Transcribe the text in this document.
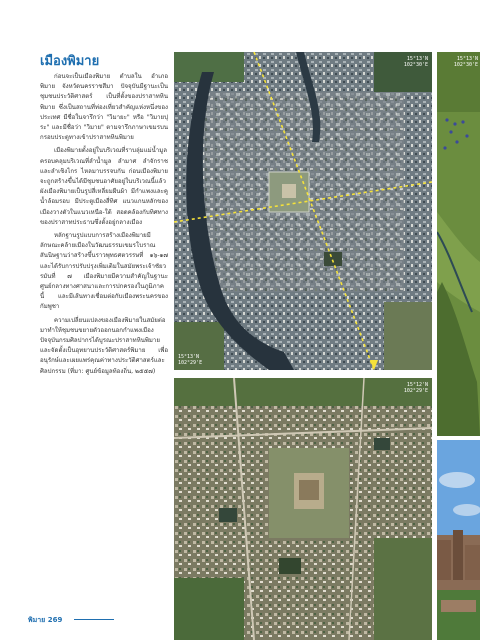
เมืองพิมาย

ก่อนจะเป็นเมืองพิมาย ตำบลใน อำเภอพิมาย จังหวัดนครราชสีมา ปัจจุบันมีฐานะเป็นชุมชนประวัติศาสตร์ เป็นที่ตั้งของปราสาทหินพิมาย ซึ่งเป็นสถานที่ท่องเที่ยวสำคัญแห่งหนึ่งของประเทศ มีชื่อในจารึกว่า "วิมายะ" หรือ "วิมายปุระ" และมีชื่อว่า "วิมาย" ตามจารึกภาษาเขมรบนกรอบประตูทางเข้าปราสาทหินพิมาย

เมืองพิมายตั้งอยู่ในบริเวณที่ราบลุ่มแม่น้ำมูล ครอบคลุมบริเวณที่ลำน้ำมูล ลำมาศ ลำจักราช และลำเชิงไกร ไหลมาบรรจบกัน ก่อนเมืองพิมายจะถูกสร้างขึ้นได้มีชุมชนอาศัยอยู่ในบริเวณนี้แล้ว ผังเมืองพิมายเป็นรูปสี่เหลี่ยมผืนผ้า มีกำแพงและคูน้ำล้อมรอบ มีประตูเมืองสี่ทิศ แนวแกนหลักของเมืองวางตัวในแนวเหนือ-ใต้ สอดคล้องกับทิศทางของปราสาทประธานซึ่งตั้งอยู่กลางเมือง

หลักฐานรูปแบบการสร้างเมืองพิมายมีลักษณะคล้ายเมืองในวัฒนธรรมเขมรโบราณ สันนิษฐานว่าสร้างขึ้นราวพุทธศตวรรษที่ ๑๖-๑๗ และได้รับการปรับปรุงเพิ่มเติมในสมัยพระเจ้าชัยวรมันที่ ๗ เมืองพิมายมีความสำคัญในฐานะศูนย์กลางทางศาสนาและการปกครองในภูมิภาคนี้ และมีเส้นทางเชื่อมต่อกับเมืองพระนครของกัมพูชา

ความเปลี่ยนแปลงของเมืองพิมายในสมัยต่อมาทำให้ชุมชนขยายตัวออกนอกกำแพงเมือง ปัจจุบันกรมศิลปากรได้บูรณะปราสาทหินพิมายและจัดตั้งเป็นอุทยานประวัติศาสตร์พิมาย เพื่ออนุรักษ์และเผยแพร่คุณค่าทางประวัติศาสตร์และศิลปกรรม (ที่มา: ศูนย์ข้อมูลท้องถิ่น, ๒๕๕๗)

พิมาย 269
15°13'N
102°30'E
15°13'N
102°29'E
15°12'N
102°29'E
15°13'N
102°30'E
